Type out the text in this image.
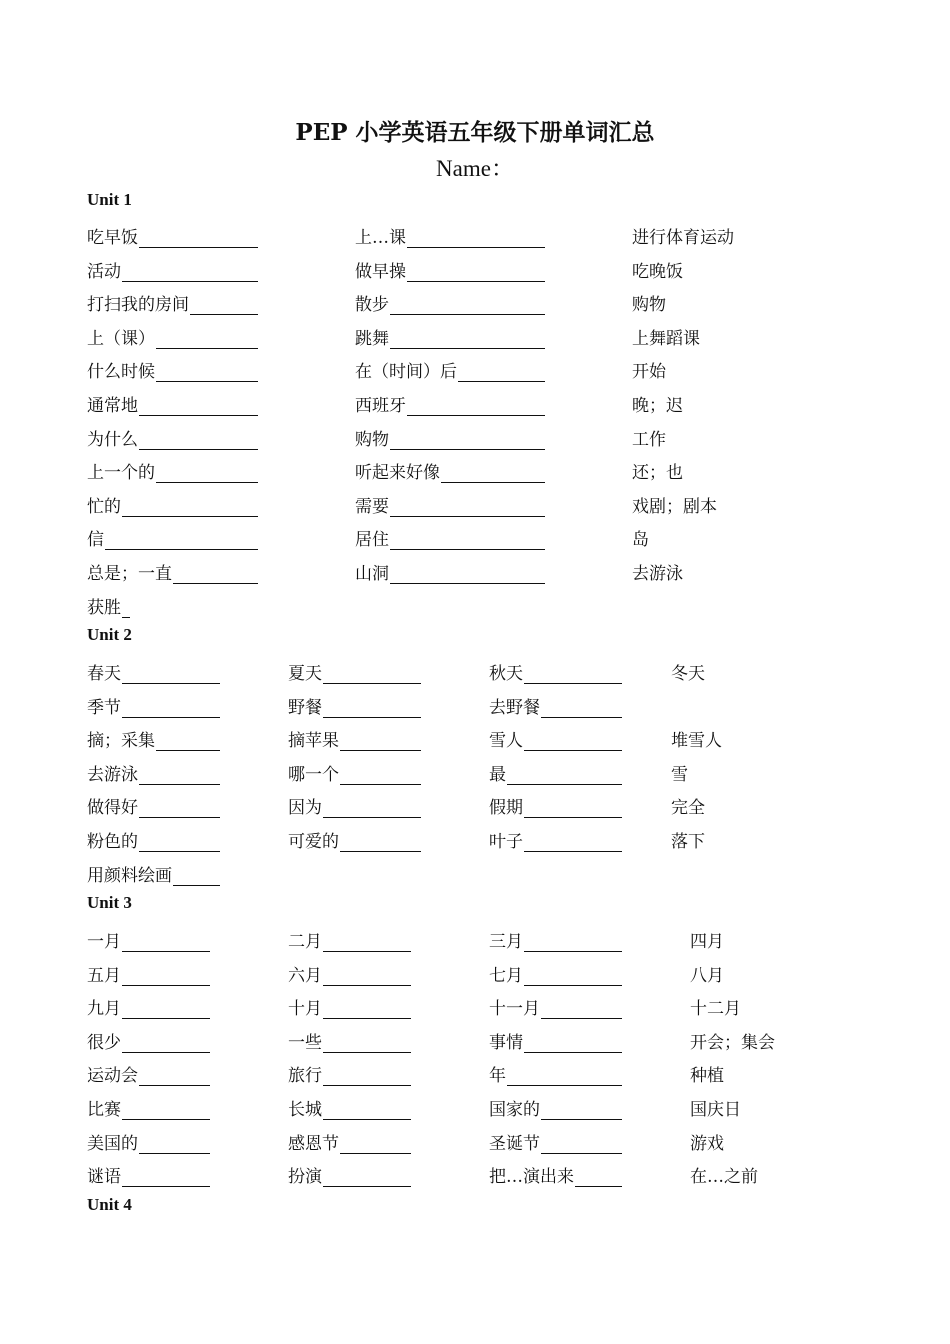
PEP 小学英语五年级下册单词汇总
Name：
Unit 1
吃早饭	上…课	进行体育运动
活动	做早操	吃晚饭
打扫我的房间	散步	购物
上（课）	跳舞	上舞蹈课
什么时候	在（时间）后	开始
通常地	西班牙	晚；迟
为什么	购物	工作
上一个的	听起来好像	还；也
忙的	需要	戏剧；剧本
信	居住	岛
总是；一直	山洞	去游泳
获胜
Unit 2
春天	夏天	秋天	冬天
季节	野餐	去野餐
摘；采集	摘苹果	雪人	堆雪人
去游泳	哪一个	最	雪
做得好	因为	假期	完全
粉色的	可爱的	叶子	落下
用颜料绘画
Unit 3
一月	二月	三月	四月
五月	六月	七月	八月
九月	十月	十一月	十二月
很少	一些	事情	开会；集会
运动会	旅行	年	种植
比赛	长城	国家的	国庆日
美国的	感恩节	圣诞节	游戏
谜语	扮演	把…演出来	在…之前
Unit 4
